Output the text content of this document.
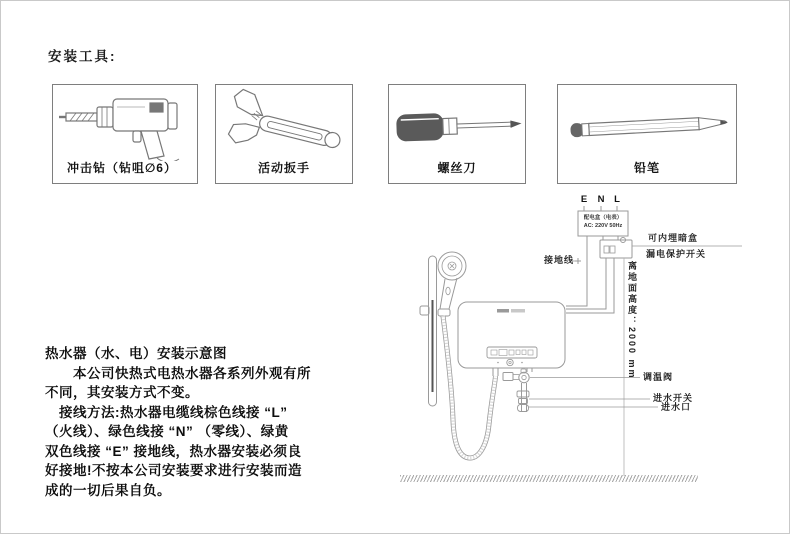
安装工具:
冲击钻（钻咀∅6）	活动扳手	螺丝刀	铅笔
热水器（水、电）安装示意图
　　本公司快热式电热水器各系列外观有所
不同，其安装方式不变。
　接线方法:热水器电缆线棕色线接 “L”
（火线）、绿色线接 “N” （零线）、绿黄
双色线接 “E” 接地线，热水器安装必须良
好接地!不按本公司安装要求进行安装而造
成的一切后果自负。
E N	L
配电盒（电表）
AC: 220V 50Hz
可内埋暗盒
漏电保护开关
接地线
离地面高度：2000 mm 调温阀
进水开关
进水口
